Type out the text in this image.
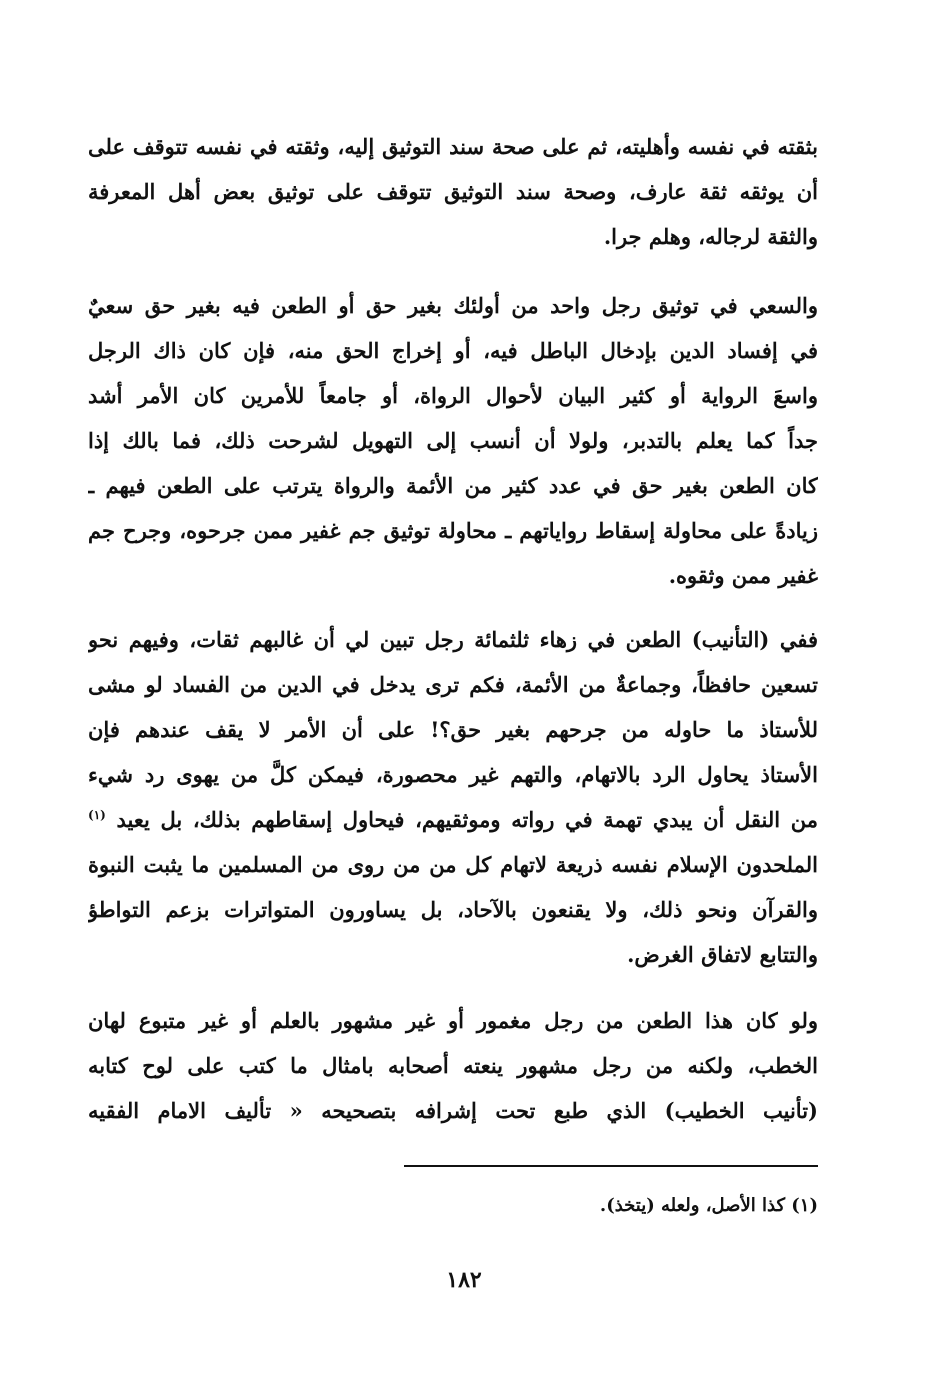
بثقته في نفسه وأهليته، ثم على صحة سند التوثيق إليه، وثقته في نفسه تتوقف على
أن يوثقه ثقة عارف، وصحة سند التوثيق تتوقف على توثيق بعض أهل المعرفة
والثقة لرجاله، وهلم جرا.
والسعي في توثيق رجل واحد من أولئك بغير حق أو الطعن فيه بغير حق سعيٌ
في إفساد الدين بإدخال الباطل فيه، أو إخراج الحق منه، فإن كان ذاك الرجل
واسعَ الرواية أو كثير البيان لأحوال الرواة، أو جامعاً للأمرين كان الأمر أشد
جداً كما يعلم بالتدبر، ولولا أن أنسب إلى التهويل لشرحت ذلك، فما بالك إذا
كان الطعن بغير حق في عدد كثير من الأئمة والرواة يترتب على الطعن فيهم ـ
زيادةً على محاولة إسقاط رواياتهم ـ محاولة توثيق جم غفير ممن جرحوه، وجرح جم
غفير ممن وثقوه.
ففي (التأنيب) الطعن في زهاء ثلثمائة رجل تبين لي أن غالبهم ثقات، وفيهم نحو
تسعين حافظاً، وجماعةٌ من الأئمة، فكم ترى يدخل في الدين من الفساد لو مشى
للأستاذ ما حاوله من جرحهم بغير حق؟! على أن الأمر لا يقف عندهم فإن
الأستاذ يحاول الرد بالاتهام، والتهم غير محصورة، فيمكن كلَّ من يهوى رد شيء
من النقل أن يبدي تهمة في رواته وموثقيهم، فيحاول إسقاطهم بذلك، بل يعيد $^{(١)}$
الملحدون الإسلام نفسه ذريعة لاتهام كل من من روى من المسلمين ما يثبت النبوة
والقرآن ونحو ذلك، ولا يقنعون بالآحاد، بل يساورون المتواترات بزعم التواطؤ
والتتابع لاتفاق الغرض.
ولو كان هذا الطعن من رجل مغمور أو غير مشهور بالعلم أو غير متبوع لهان
الخطب، ولكنه من رجل مشهور ينعته أصحابه بامثال ما كتب على لوح كتابه
(تأنيب الخطيب) الذي طبع تحت إشرافه بتصحيحه « تأليف الامام الفقيه
(١) كذا الأصل، ولعله (يتخذ).
١٨٢
